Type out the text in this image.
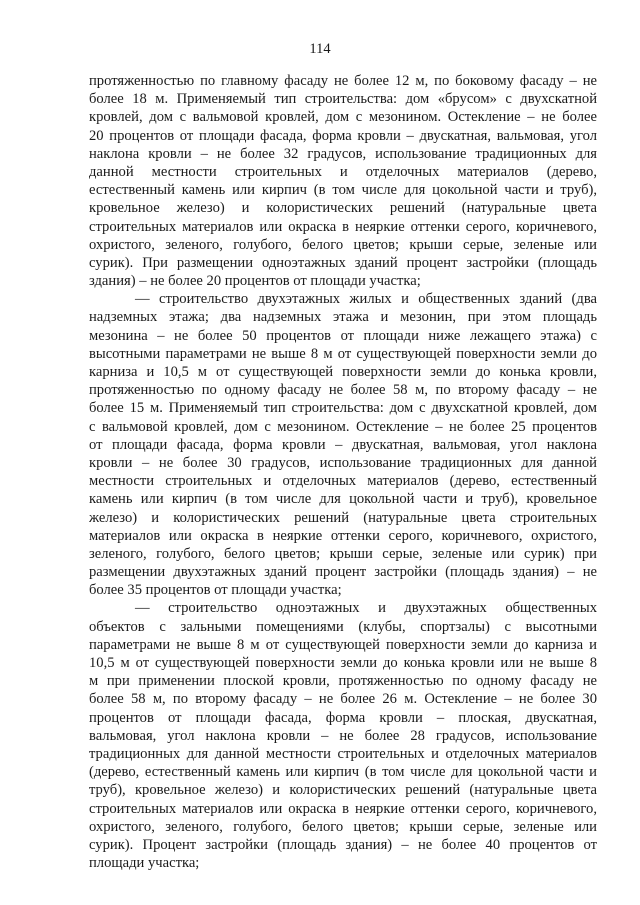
114
протяженностью по главному фасаду не более 12 м, по боковому фасаду – не
более 18 м. Применяемый тип строительства: дом «брусом» с двухскатной
кровлей, дом с вальмовой кровлей, дом с мезонином. Остекление – не более
20 процентов от площади фасада, форма кровли – двускатная, вальмовая, угол
наклона кровли – не более 32 градусов, использование традиционных для
данной местности строительных и отделочных материалов (дерево,
естественный камень или кирпич (в том числе для цокольной части и труб),
кровельное железо) и колористических решений (натуральные цвета
строительных материалов или окраска в неяркие оттенки серого, коричневого,
охристого, зеленого, голубого, белого цветов; крыши серые, зеленые или
сурик). При размещении одноэтажных зданий процент застройки (площадь
здания) – не более 20 процентов от площади участка;
— строительство двухэтажных жилых и общественных зданий (два
надземных этажа; два надземных этажа и мезонин, при этом площадь
мезонина – не более 50 процентов от площади ниже лежащего этажа) с
высотными параметрами не выше 8 м от существующей поверхности земли до
карниза и 10,5 м от существующей поверхности земли до конька кровли,
протяженностью по одному фасаду не более 58 м, по второму фасаду – не
более 15 м. Применяемый тип строительства: дом с двухскатной кровлей, дом
с вальмовой кровлей, дом с мезонином. Остекление – не более 25 процентов
от площади фасада, форма кровли – двускатная, вальмовая, угол наклона
кровли – не более 30 градусов, использование традиционных для данной
местности строительных и отделочных материалов (дерево, естественный
камень или кирпич (в том числе для цокольной части и труб), кровельное
железо) и колористических решений (натуральные цвета строительных
материалов или окраска в неяркие оттенки серого, коричневого, охристого,
зеленого, голубого, белого цветов; крыши серые, зеленые или сурик) при
размещении двухэтажных зданий процент застройки (площадь здания) – не
более 35 процентов от площади участка;
— строительство одноэтажных и двухэтажных общественных
объектов с зальными помещениями (клубы, спортзалы) с высотными
параметрами не выше 8 м от существующей поверхности земли до карниза и
10,5 м от существующей поверхности земли до конька кровли или не выше 8
м при применении плоской кровли, протяженностью по одному фасаду не
более 58 м, по второму фасаду – не более 26 м. Остекление – не более 30
процентов от площади фасада, форма кровли – плоская, двускатная,
вальмовая, угол наклона кровли – не более 28 градусов, использование
традиционных для данной местности строительных и отделочных материалов
(дерево, естественный камень или кирпич (в том числе для цокольной части и
труб), кровельное железо) и колористических решений (натуральные цвета
строительных материалов или окраска в неяркие оттенки серого, коричневого,
охристого, зеленого, голубого, белого цветов; крыши серые, зеленые или
сурик). Процент застройки (площадь здания) – не более 40 процентов от
площади участка;
